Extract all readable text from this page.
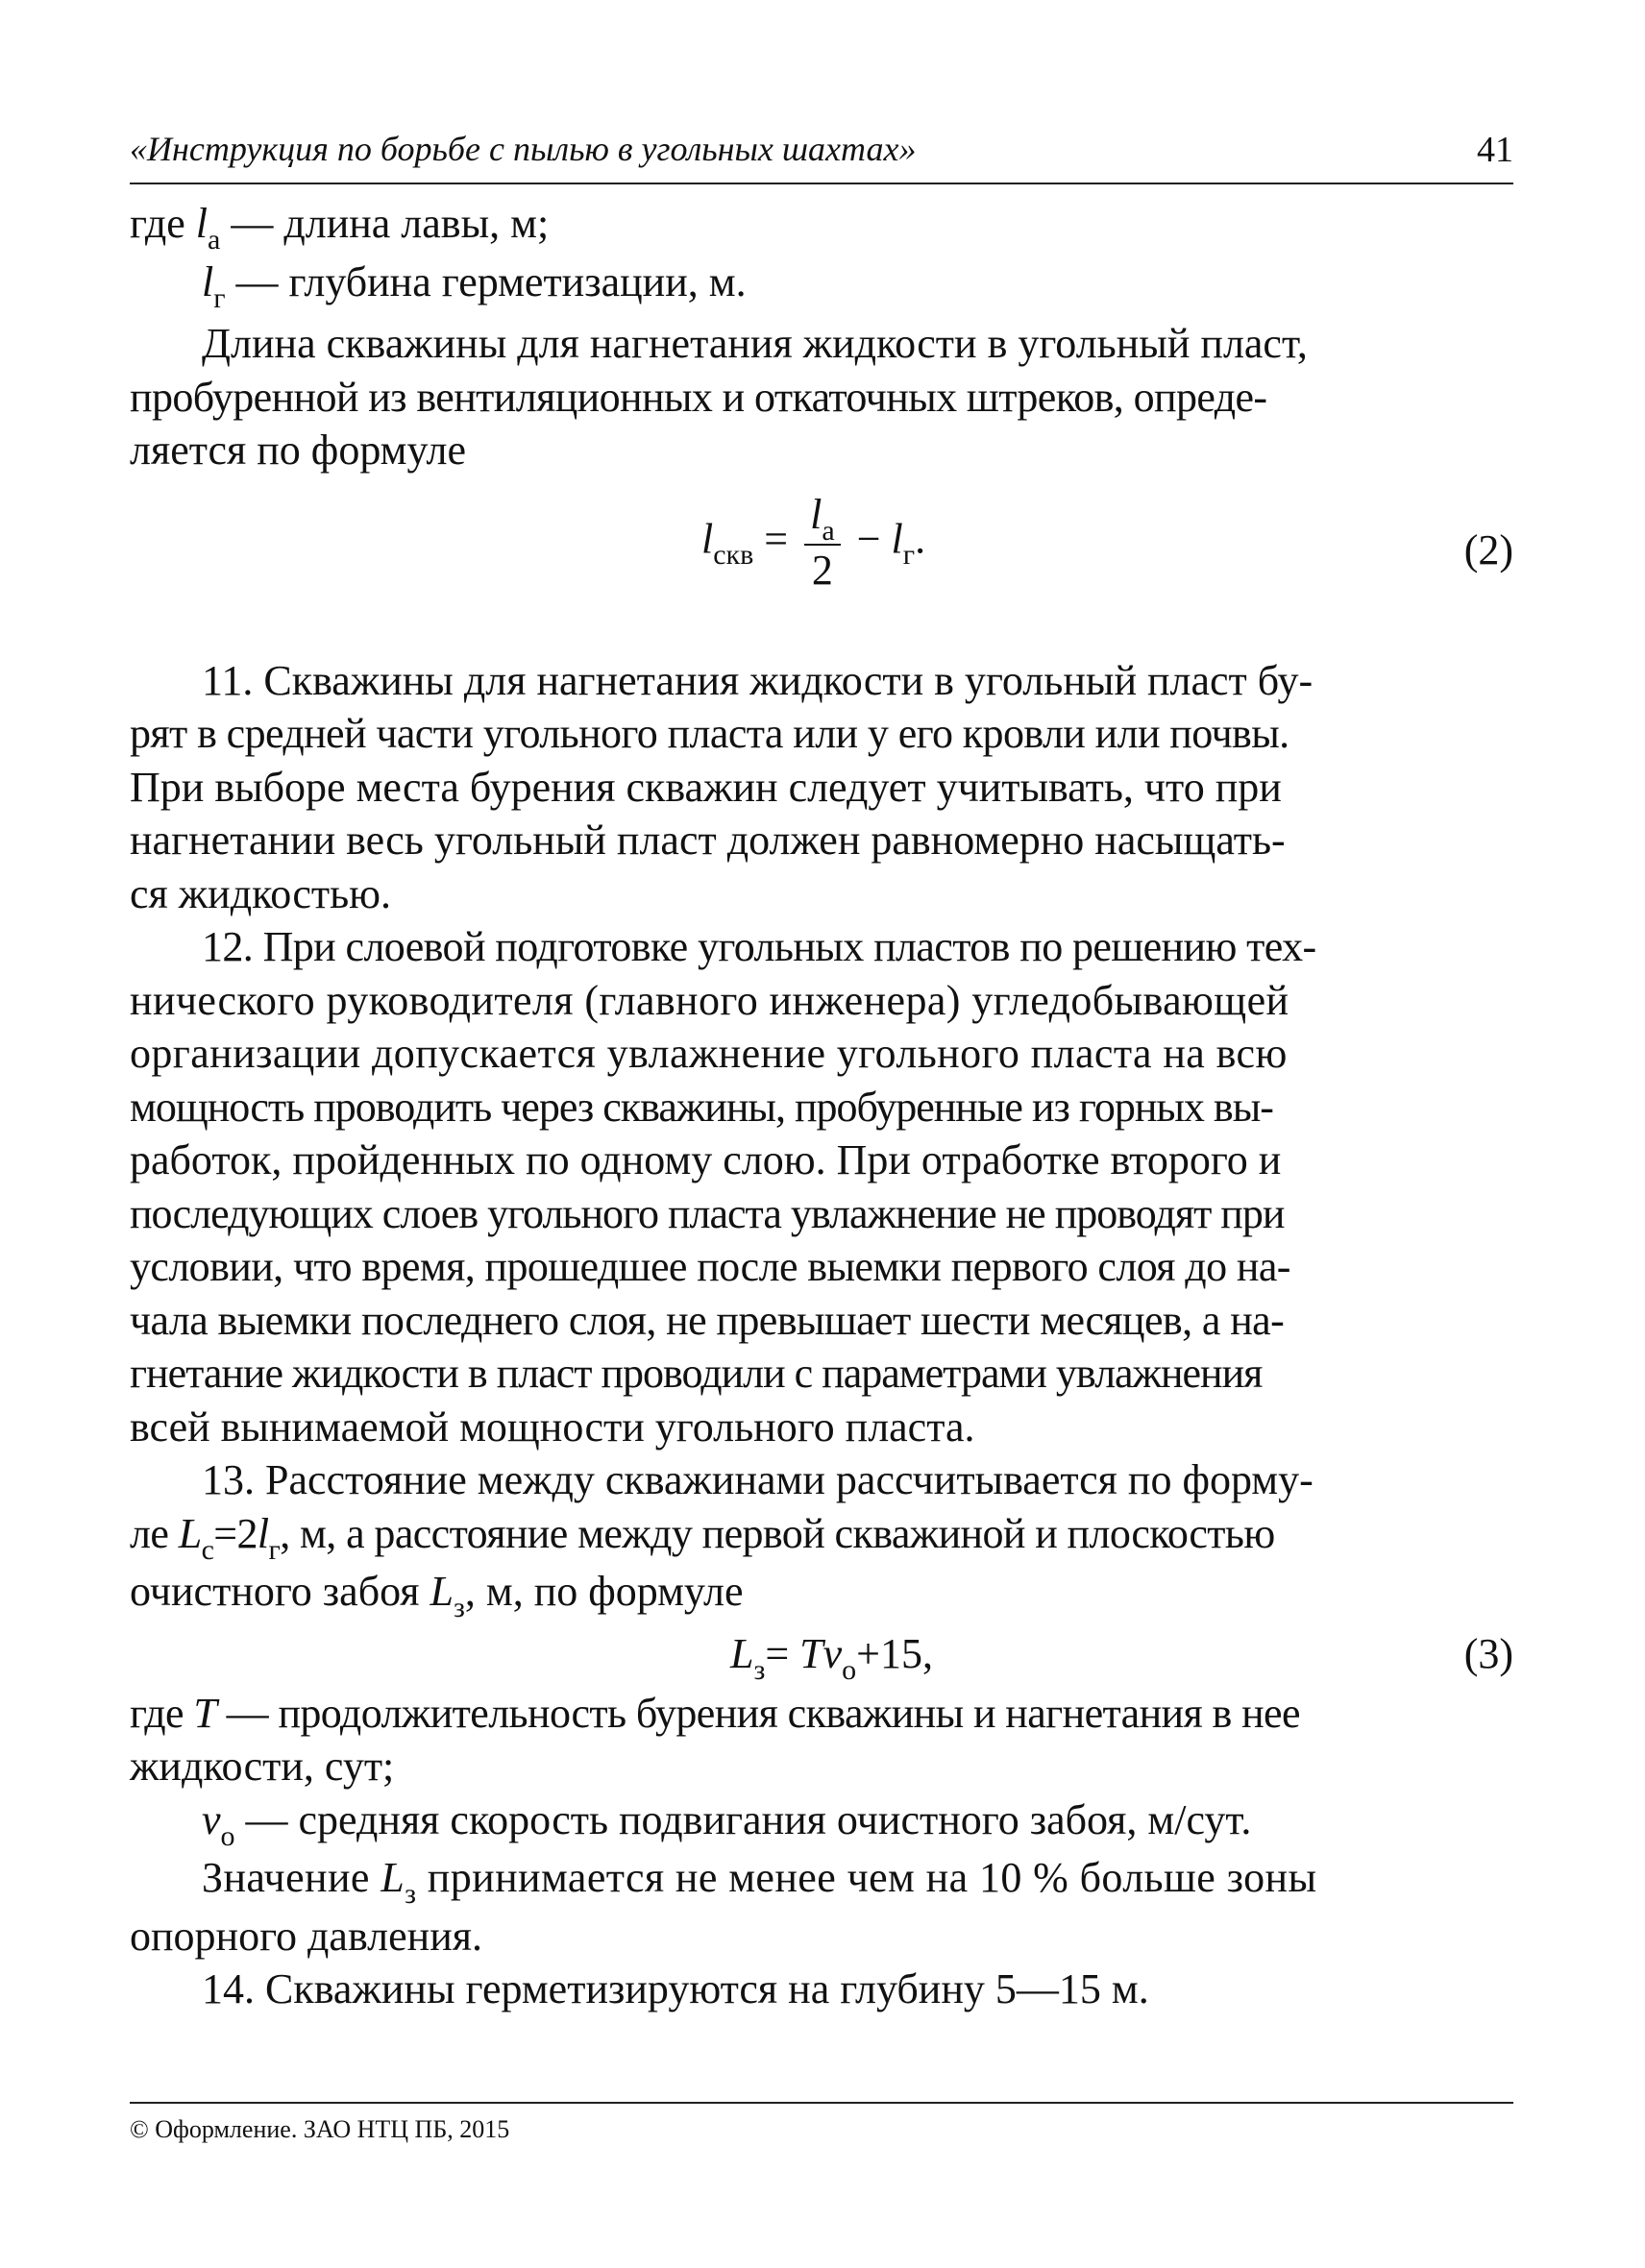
«Инструкция по борьбе с пылью в угольных шахтах»	41

где $l_а$ — длина лавы, м;

$l_г$ — глубина герметизации, м.

Длина скважины для нагнетания жидкости в угольный пласт,
пробуренной из вентиляционных и откаточных штреков, опреде-
ляется по формуле

$l_{скв} = \frac{l_а}{2} - l_г$.	(2)

11. Скважины для нагнетания жидкости в угольный пласт бу-
рят в средней части угольного пласта или у его кровли или почвы.
При выборе места бурения скважин следует учитывать, что при
нагнетании весь угольный пласт должен равномерно насыщать-
ся жидкостью.

12. При слоевой подготовке угольных пластов по решению тех-
нического руководителя (главного инженера) угледобывающей
организации допускается увлажнение угольного пласта на всю
мощность проводить через скважины, пробуренные из горных вы-
работок, пройденных по одному слою. При отработке второго и
последующих слоев угольного пласта увлажнение не проводят при
условии, что время, прошедшее после выемки первого слоя до на-
чала выемки последнего слоя, не превышает шести месяцев, а на-
гнетание жидкости в пласт проводили с параметрами увлажнения
всей вынимаемой мощности угольного пласта.

13. Расстояние между скважинами рассчитывается по форму-
ле $L_с=2l_г$, м, а расстояние между первой скважиной и плоскостью
очистного забоя $L_з$, м, по формуле

$L_з= Tv_о+15$,	(3)

где T — продолжительность бурения скважины и нагнетания в нее
жидкости, сут;

$v_о$ — средняя скорость подвигания очистного забоя, м/сут.

Значение $L_з$ принимается не менее чем на 10 % больше зоны
опорного давления.

14. Скважины герметизируются на глубину 5—15 м.

© Оформление. ЗАО НТЦ ПБ, 2015
